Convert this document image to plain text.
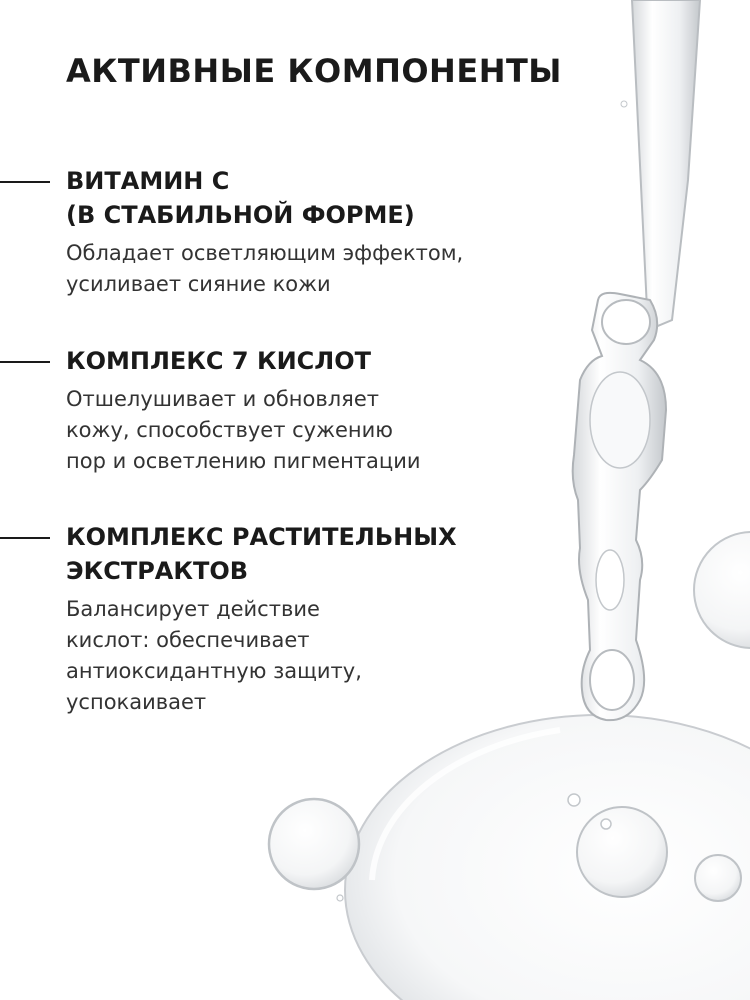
АКТИВНЫЕ КОМПОНЕНТЫ
ВИТАМИН С
(В СТАБИЛЬНОЙ ФОРМЕ)
Обладает осветляющим эффектом,
усиливает сияние кожи
КОМПЛЕКС 7 КИСЛОТ
Отшелушивает и обновляет
кожу, способствует сужению
пор и осветлению пигментации
КОМПЛЕКС РАСТИТЕЛЬНЫХ
ЭКСТРАКТОВ
Балансирует действие
кислот: обеспечивает
антиоксидантную защиту,
успокаивает
